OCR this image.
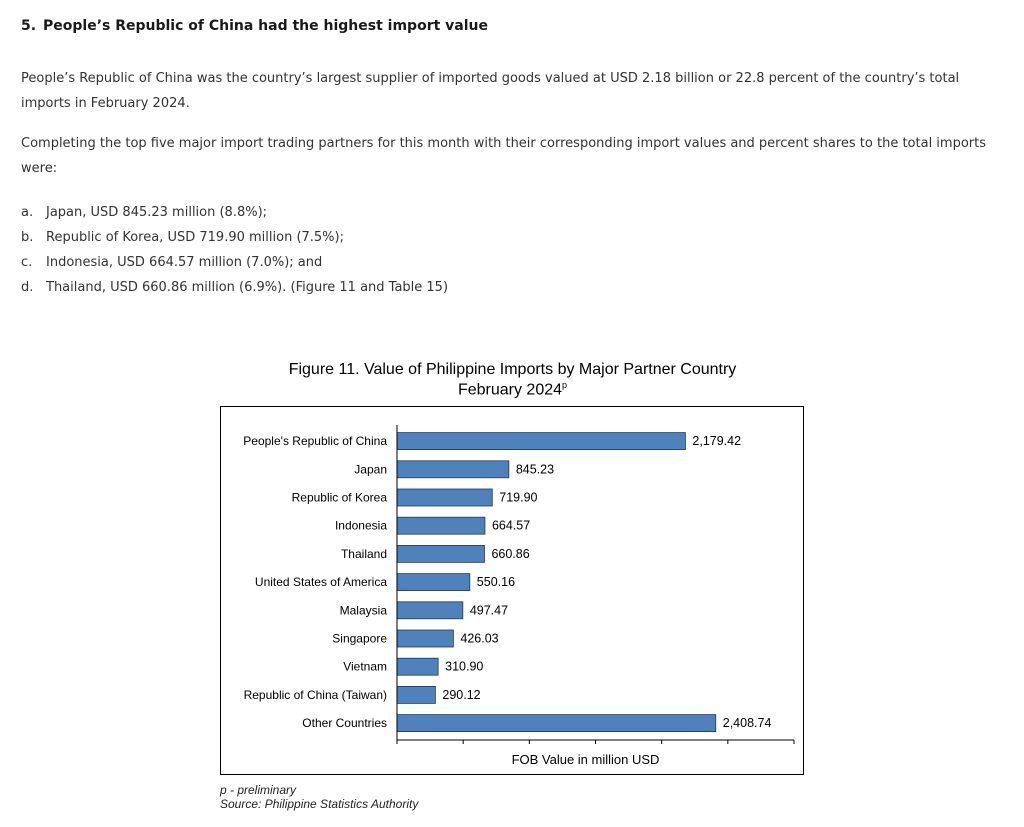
5. People’s Republic of China had the highest import value
People’s Republic of China was the country’s largest supplier of imported goods valued at USD 2.18 billion or 22.8 percent of the country’s total imports in February 2024.
Completing the top five major import trading partners for this month with their corresponding import values and percent shares to the total imports were:
a. Japan, USD 845.23 million (8.8%);
b. Republic of Korea, USD 719.90 million (7.5%);
c. Indonesia, USD 664.57 million (7.0%); and
d. Thailand, USD 660.86 million (6.9%). (Figure 11 and Table 15)
Figure 11. Value of Philippine Imports by Major Partner Country
February 2024$^p$
People's Republic of China	2,179.42
Japan	845.23
Republic of Korea	719.90
Indonesia	664.57
Thailand	660.86
United States of America	550.16
Malaysia	497.47
Singapore	426.03
Vietnam	310.90
Republic of China (Taiwan)	290.12
Other Countries	2,408.74
FOB Value in million USD
p - preliminary
Source: Philippine Statistics Authority
